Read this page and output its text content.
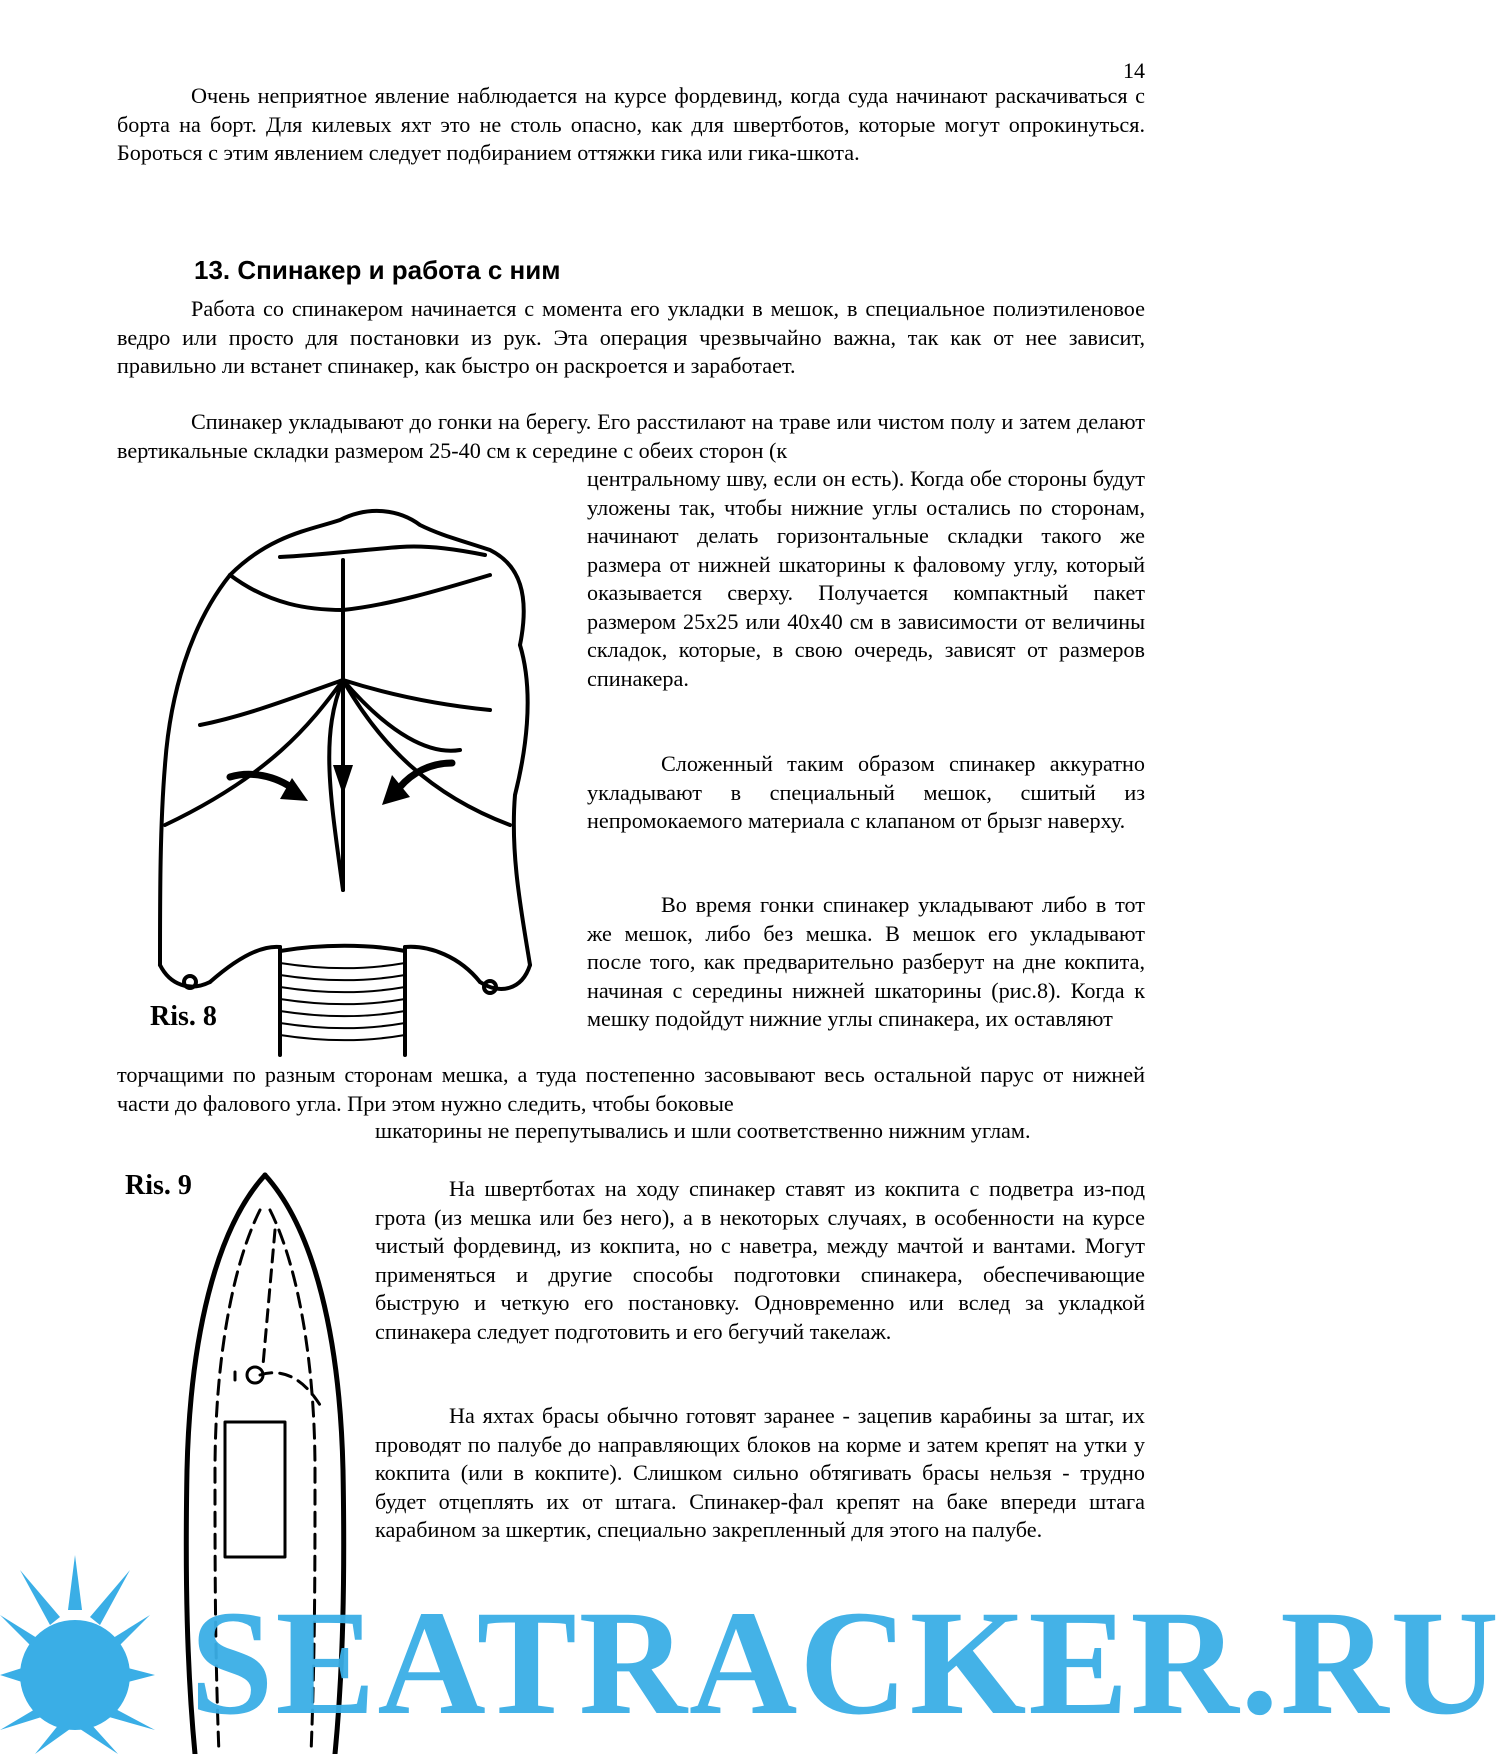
14

Очень неприятное явление наблюдается на курсе фордевинд, когда суда начинают раскачиваться с борта на борт. Для килевых яхт это не столь опасно, как для швертботов, которые могут опрокинуться. Бороться с этим явлением следует подбиранием оттяжки гика или гика-шкота.

13. Спинакер и работа с ним

Работа со спинакером начинается с момента его укладки в мешок, в специальное полиэтиленовое ведро или просто для постановки из рук. Эта операция чрезвычайно важна, так как от нее зависит, правильно ли встанет спинакер, как быстро он раскроется и заработает.

Спинакер укладывают до гонки на берегу. Его расстилают на траве или чистом полу и затем делают вертикальные складки размером 25-40 см к середине с обеих сторон (к

центральному шву, если он есть). Когда обе стороны будут уложены так, чтобы нижние углы остались по сторонам, начинают делать горизонтальные складки такого же размера от нижней шкаторины к фаловому углу, который оказывается сверху. Получается компактный пакет размером 25х25 или 40х40 см в зависимости от величины складок, которые, в свою очередь, зависят от размеров спинакера.

Сложенный таким образом спинакер аккуратно укладывают в специальный мешок, сшитый из непромокаемого материала с клапаном от брызг наверху.

Во время гонки спинакер укладывают либо в тот же мешок, либо без мешка. В мешок его укладывают после того, как предварительно разберут на дне кокпита, начиная с середины нижней шкаторины (рис.8). Когда к мешку подойдут нижние углы спинакера, их оставляют

торчащими по разным сторонам мешка, а туда постепенно засовывают весь остальной парус от нижней части до фалового угла. При этом нужно следить, чтобы боковые

шкаторины не перепутывались и шли соответственно нижним углам.

На швертботах на ходу спинакер ставят из кокпита с подветра из-под грота (из мешка или без него), а в некоторых случаях, в особенности на курсе чистый фордевинд, из кокпита, но с наветра, между мачтой и вантами. Могут применяться и другие способы подготовки спинакера, обеспечивающие быструю и четкую его постановку. Одновременно или вслед за укладкой спинакера следует подготовить и его бегучий такелаж.

На яхтах брасы обычно готовят заранее - зацепив карабины за штаг, их проводят по палубе до направляющих блоков на корме и затем крепят на утки у кокпита (или в кокпите). Слишком сильно обтягивать брасы нельзя - трудно будет отцеплять их от штага. Спинакер-фал крепят на баке впереди штага карабином за шкертик, специально закрепленный для этого на палубе.

Ris. 8
Ris. 9
SEATRACKER.RU
